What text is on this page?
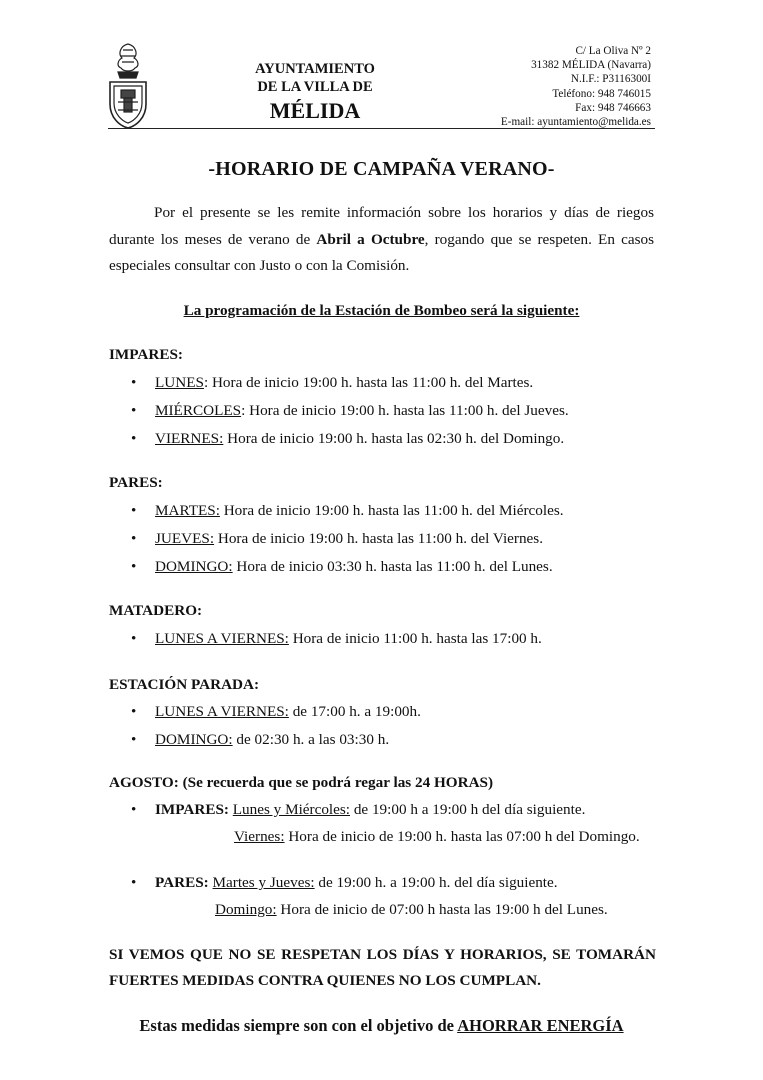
AYUNTAMIENTO
DE LA VILLA DE
MÉLIDA
C/ La Oliva Nº 2
31382 MÉLIDA (Navarra)
N.I.F.: P3116300I
Teléfono: 948 746015
Fax: 948 746663
E-mail: ayuntamiento@melida.es
-HORARIO DE CAMPAÑA VERANO-
Por el presente se les remite información sobre los horarios y días de riegos durante los meses de verano de Abril a Octubre, rogando que se respeten. En casos especiales consultar con Justo o con la Comisión.
La programación de la Estación de Bombeo será la siguiente:
IMPARES:
• LUNES: Hora de inicio 19:00 h. hasta las 11:00 h. del Martes.
• MIÉRCOLES: Hora de inicio 19:00 h. hasta las 11:00 h. del Jueves.
• VIERNES: Hora de inicio 19:00 h. hasta las 02:30 h. del Domingo.
PARES:
• MARTES: Hora de inicio 19:00 h. hasta las 11:00 h. del Miércoles.
• JUEVES: Hora de inicio 19:00 h. hasta las 11:00 h. del Viernes.
• DOMINGO: Hora de inicio 03:30 h. hasta las 11:00 h. del Lunes.
MATADERO:
• LUNES A VIERNES: Hora de inicio 11:00 h. hasta las 17:00 h.
ESTACIÓN PARADA:
• LUNES A VIERNES: de 17:00 h. a 19:00h.
• DOMINGO: de 02:30 h. a las 03:30 h.
AGOSTO: (Se recuerda que se podrá regar las 24 HORAS)
• IMPARES: Lunes y Miércoles: de 19:00 h a 19:00 h del día siguiente.
Viernes: Hora de inicio de 19:00 h. hasta las 07:00 h del Domingo.
• PARES: Martes y Jueves: de 19:00 h. a 19:00 h. del día siguiente.
Domingo: Hora de inicio de 07:00 h hasta las 19:00 h del Lunes.
SI VEMOS QUE NO SE RESPETAN LOS DÍAS Y HORARIOS, SE TOMARÁN FUERTES MEDIDAS CONTRA QUIENES NO LOS CUMPLAN.
Estas medidas siempre son con el objetivo de AHORRAR ENERGÍA
